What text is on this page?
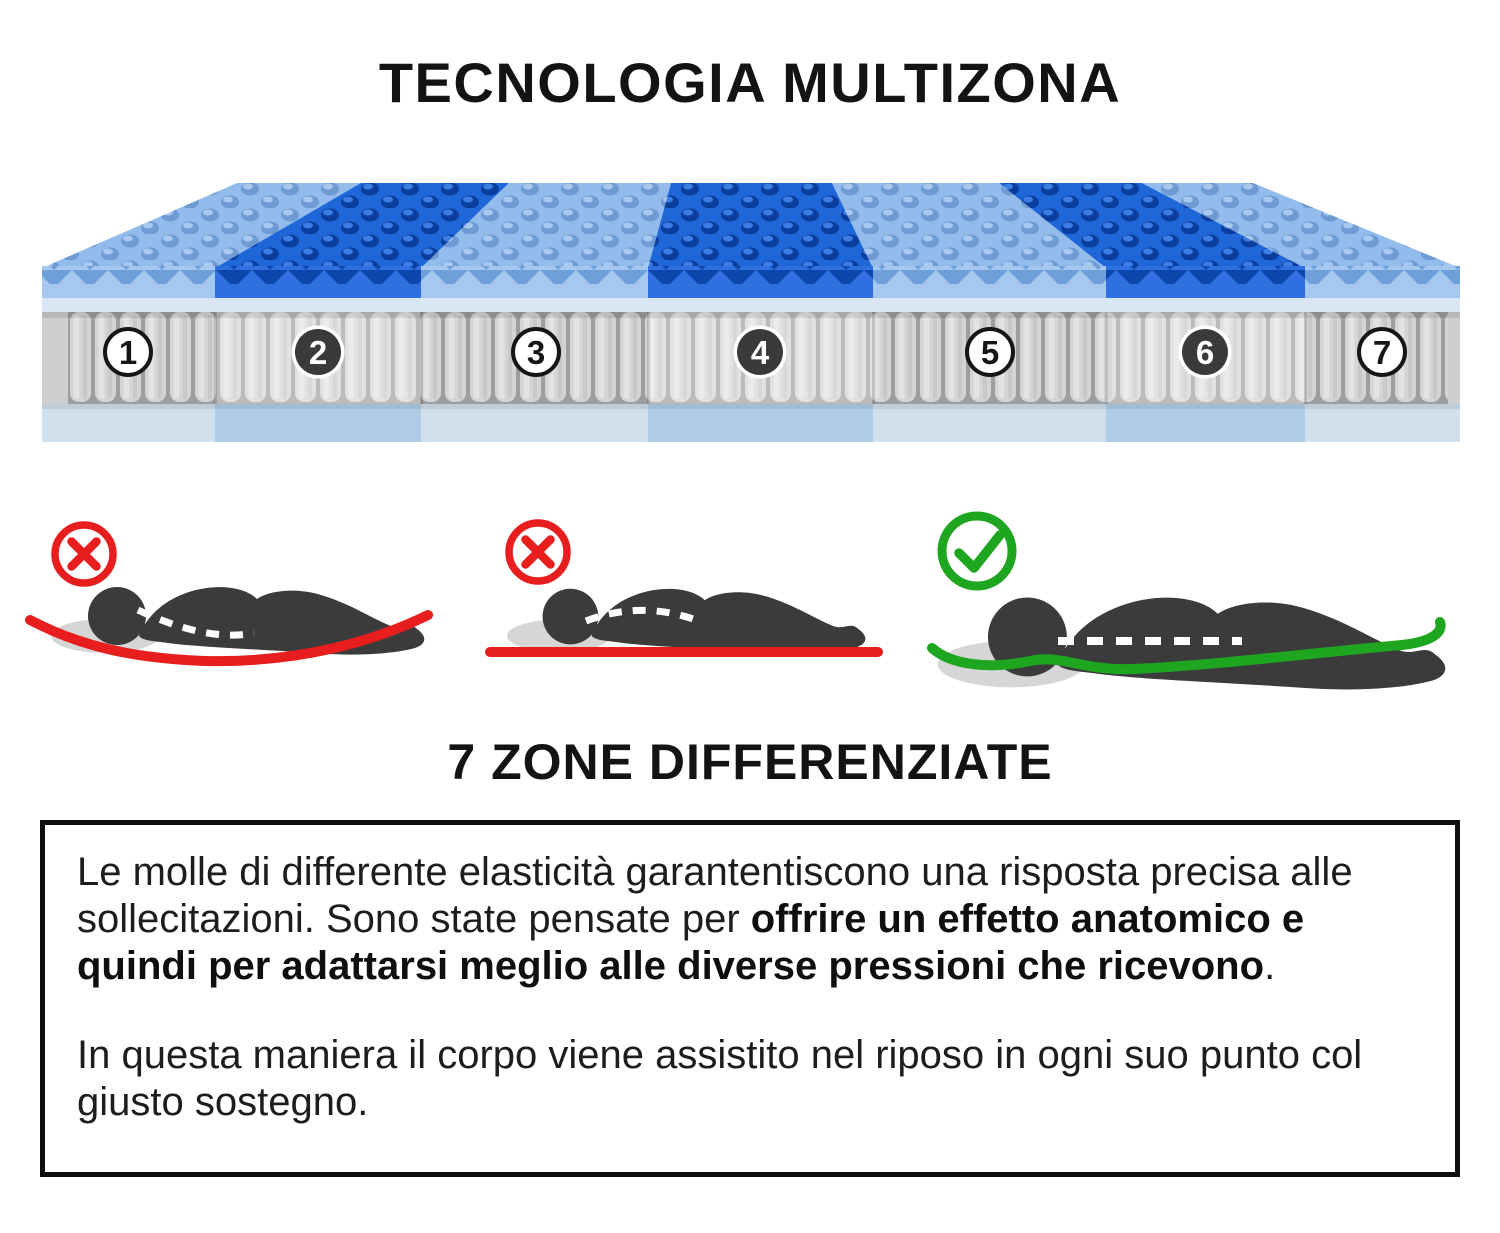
TECNOLOGIA MULTIZONA
1	2	3	4	5	6	7
7 ZONE DIFFERENZIATE

Le molle di differente elasticità garantentiscono una risposta precisa alle sollecitazioni. Sono state pensate per offrire un effetto anatomico e quindi per adattarsi meglio alle diverse pressioni che ricevono.

In questa maniera il corpo viene assistito nel riposo in ogni suo punto col giusto sostegno.
